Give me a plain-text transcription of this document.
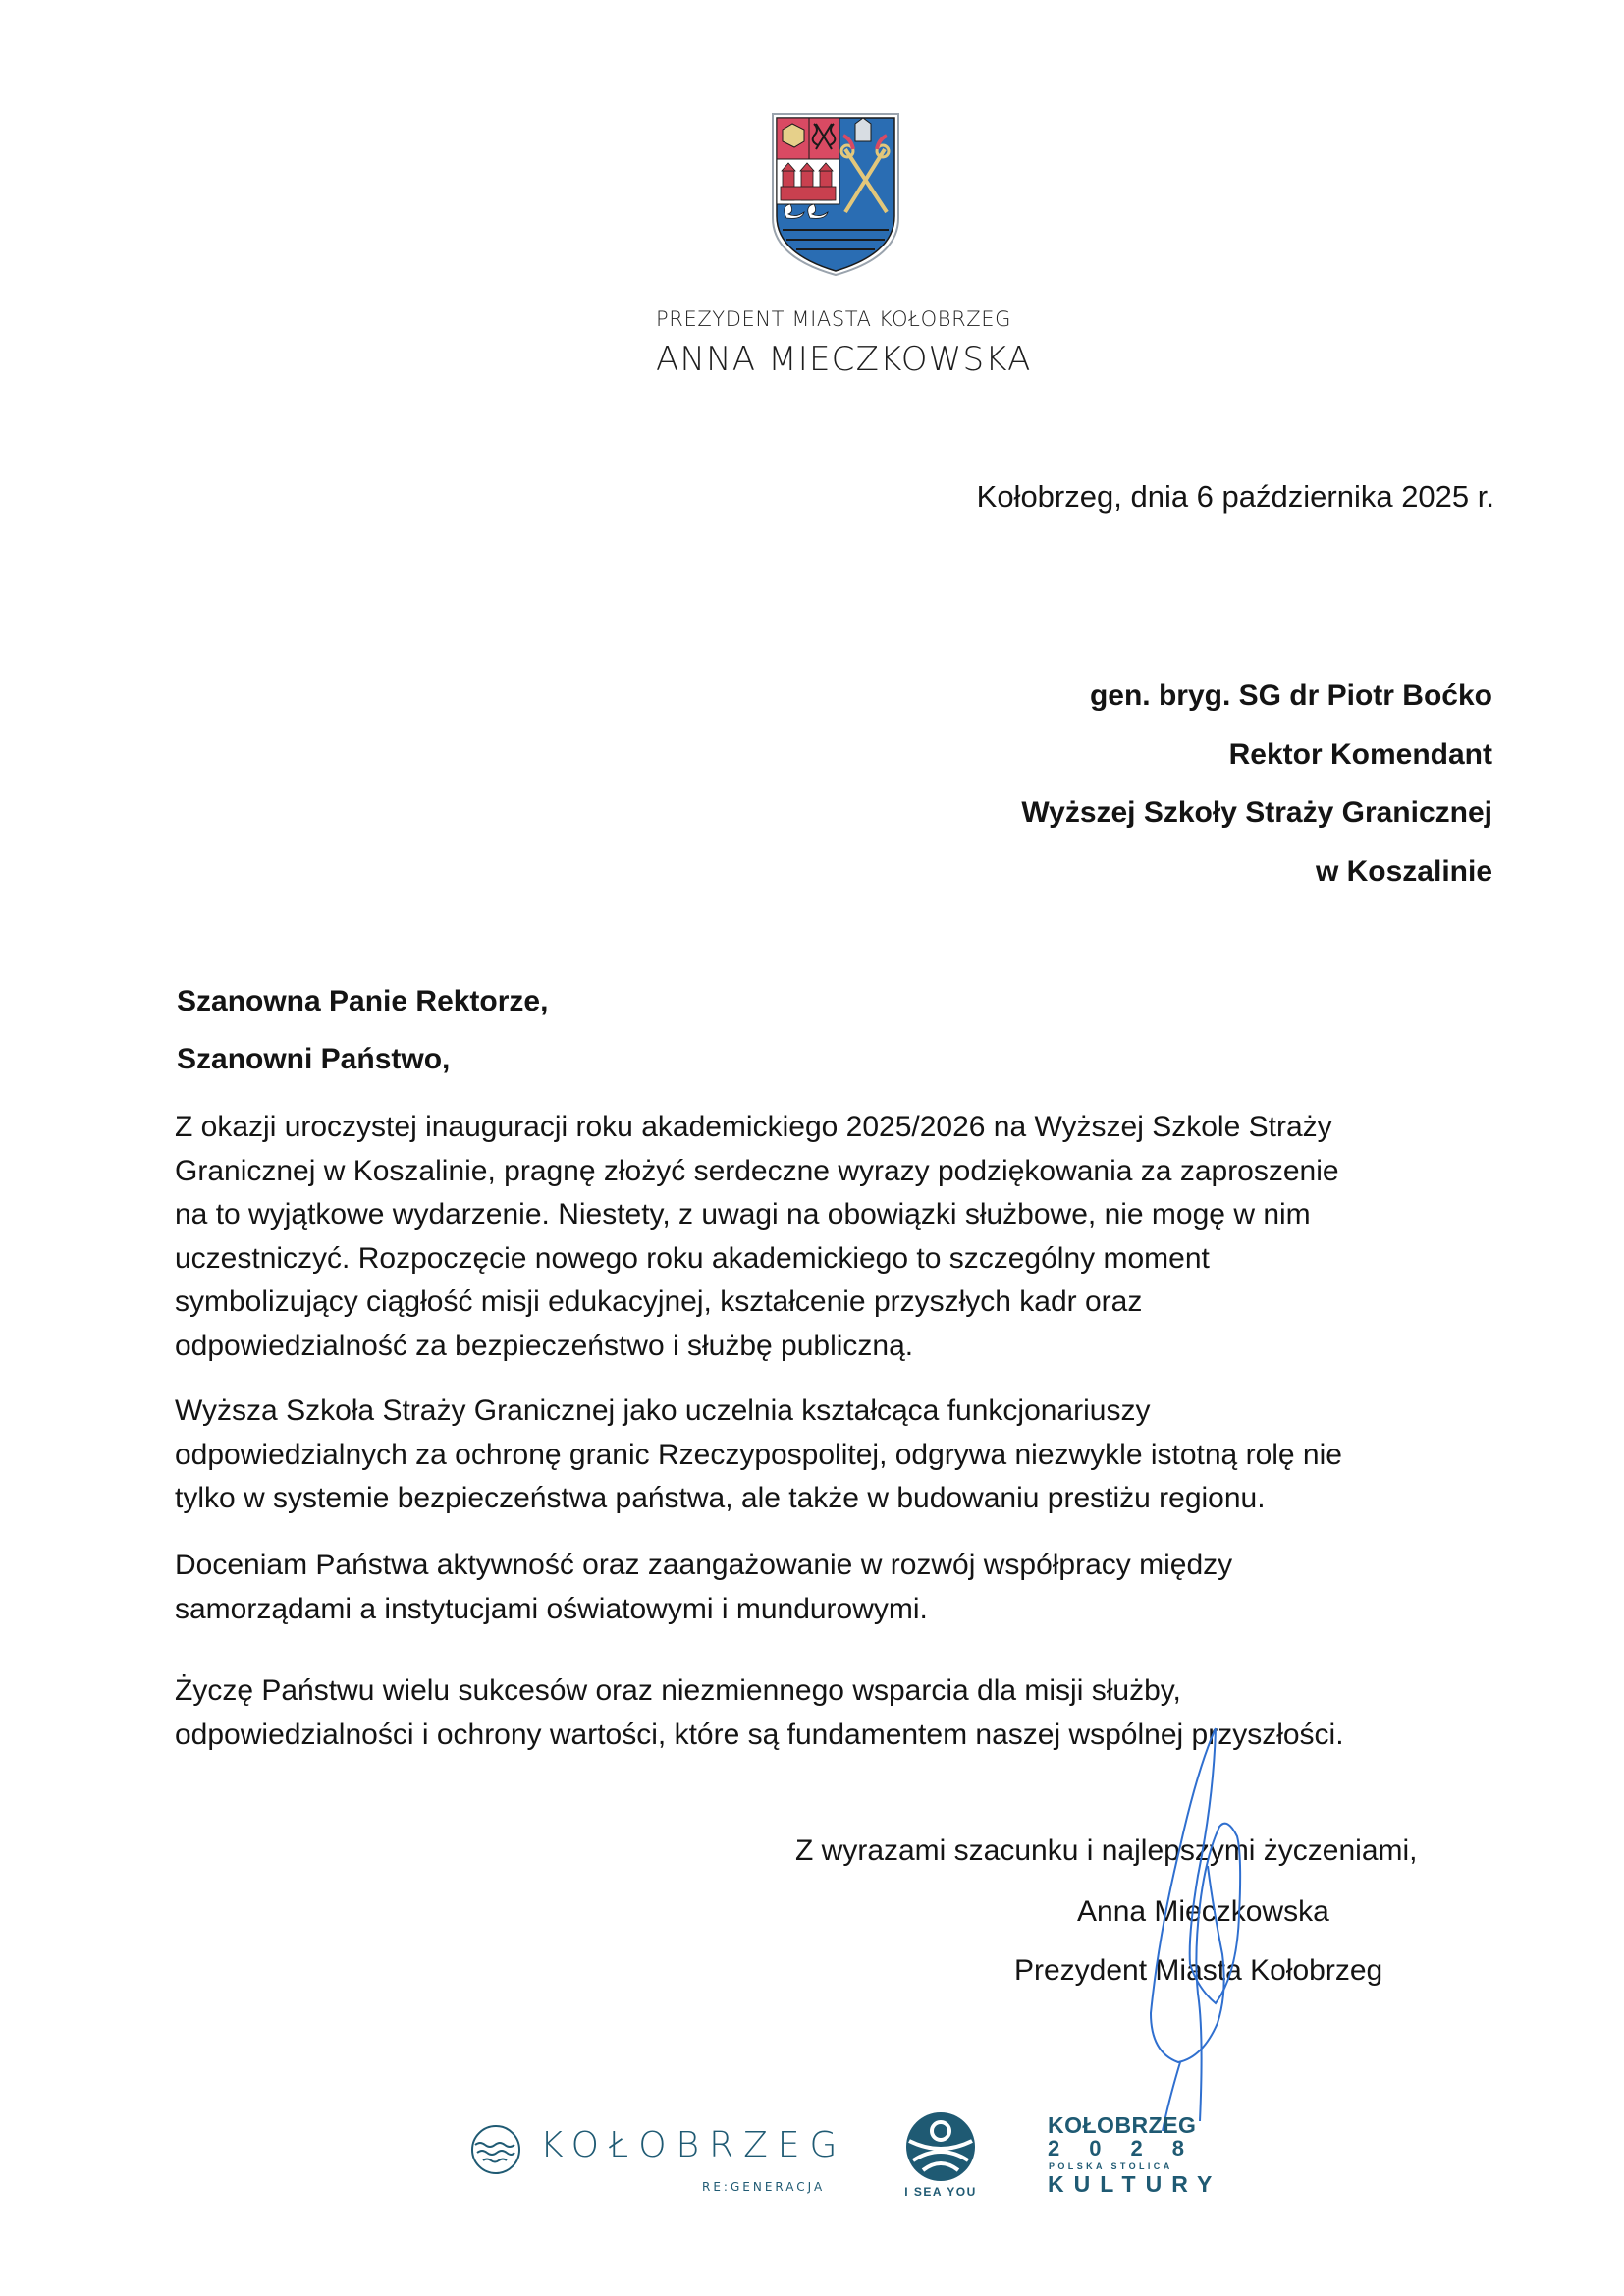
PREZYDENT MIASTA KOŁOBRZEG
ANNA MIECZKOWSKA
Kołobrzeg, dnia 6 października 2025 r.
gen. bryg. SG dr Piotr Boćko
Rektor Komendant
Wyższej Szkoły Straży Granicznej
w Koszalinie
Szanowna Panie Rektorze,
Szanowni Państwo,
Z okazji uroczystej inauguracji roku akademickiego 2025/2026 na Wyższej Szkole Straży
Granicznej w Koszalinie, pragnę złożyć serdeczne wyrazy podziękowania za zaproszenie
na to wyjątkowe wydarzenie. Niestety, z uwagi na obowiązki służbowe, nie mogę w nim
uczestniczyć. Rozpoczęcie nowego roku akademickiego to szczególny moment
symbolizujący ciągłość misji edukacyjnej, kształcenie przyszłych kadr oraz
odpowiedzialność za bezpieczeństwo i służbę publiczną.
Wyższa Szkoła Straży Granicznej jako uczelnia kształcąca funkcjonariuszy
odpowiedzialnych za ochronę granic Rzeczypospolitej, odgrywa niezwykle istotną rolę nie
tylko w systemie bezpieczeństwa państwa, ale także w budowaniu prestiżu regionu.
Doceniam Państwa aktywność oraz zaangażowanie w rozwój współpracy między
samorządami a instytucjami oświatowymi i mundurowymi.
Życzę Państwu wielu sukcesów oraz niezmiennego wsparcia dla misji służby,
odpowiedzialności i ochrony wartości, które są fundamentem naszej wspólnej przyszłości.
Z wyrazami szacunku i najlepszymi życzeniami,
Anna Mieczkowska
Prezydent Miasta Kołobrzeg
KOŁOBRZEG
RE:GENERACJA	I SEA YOU
KOŁOBRZEG
2028
POLSKA STOLICA
KULTURY
